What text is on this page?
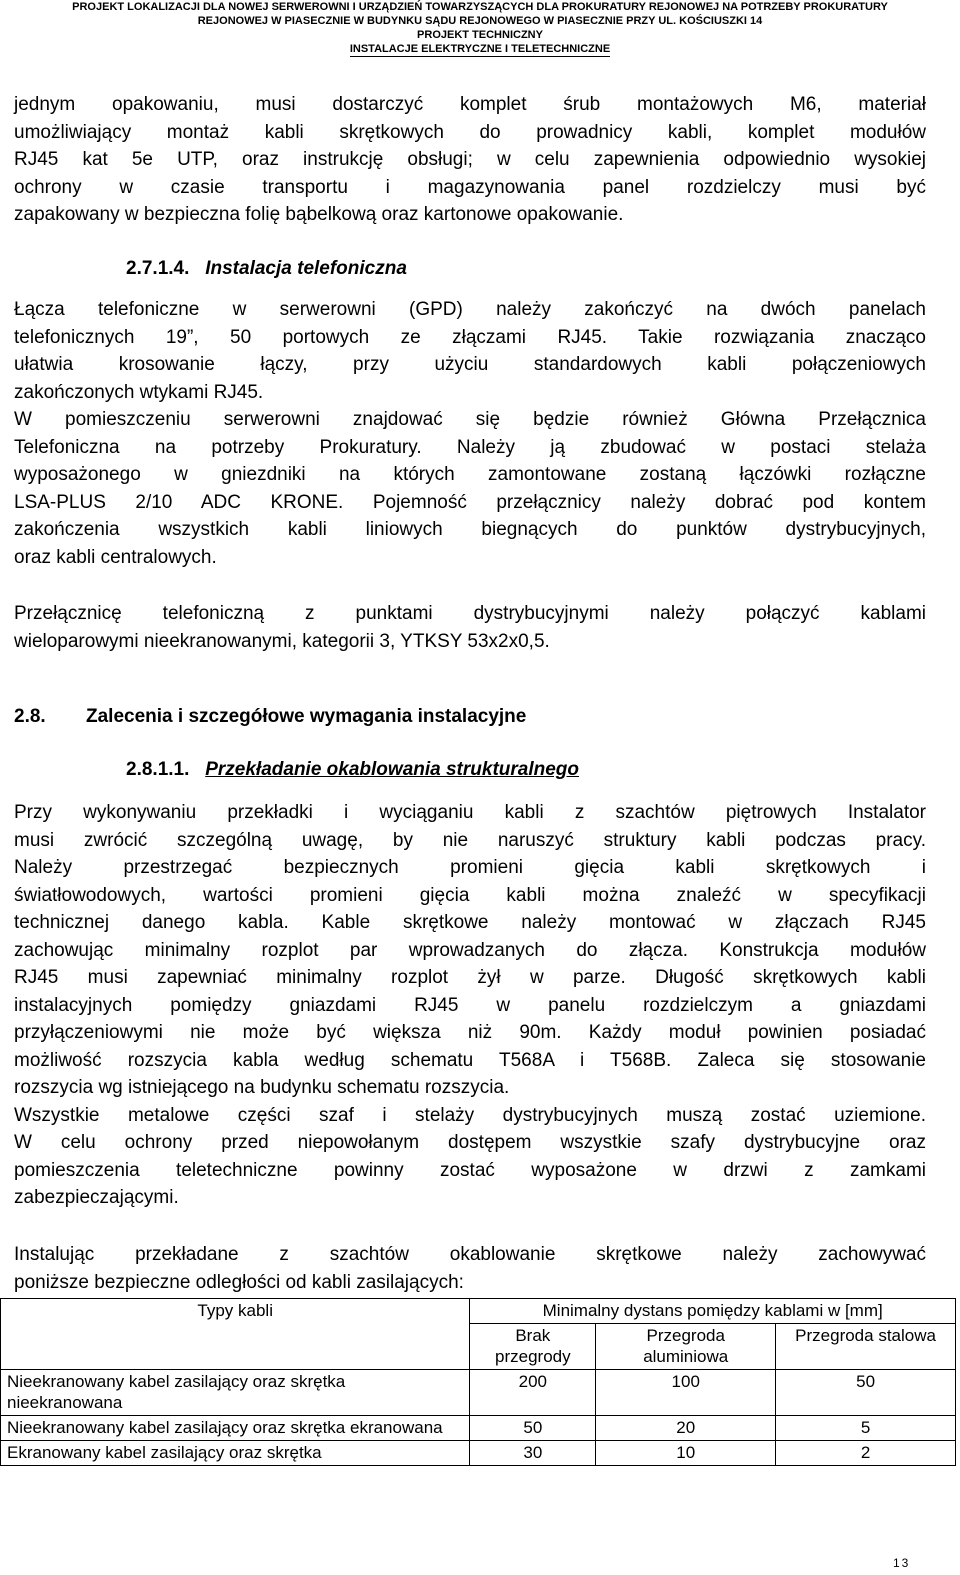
PROJEKT LOKALIZACJI DLA NOWEJ SERWEROWNI I URZĄDZIEŃ TOWARZYSZĄCYCH DLA PROKURATURY REJONOWEJ NA POTRZEBY PROKURATURY
REJONOWEJ W PIASECZNIE W BUDYNKU SĄDU REJONOWEGO W PIASECZNIE PRZY UL. KOŚCIUSZKI 14
PROJEKT TECHNICZNY
INSTALACJE ELEKTRYCZNE I TELETECHNICZNE
jednym opakowaniu, musi dostarczyć komplet śrub montażowych M6, materiał
umożliwiający montaż kabli skrętkowych do prowadnicy kabli, komplet modułów
RJ45 kat 5e UTP, oraz instrukcję obsługi; w celu zapewnienia odpowiednio wysokiej
ochrony w czasie transportu i magazynowania panel rozdzielczy musi być
zapakowany w bezpieczna folię bąbelkową oraz kartonowe opakowanie.
2.7.1.4. Instalacja telefoniczna
Łącza telefoniczne w serwerowni (GPD) należy zakończyć na dwóch panelach
telefonicznych 19”, 50 portowych ze złączami RJ45. Takie rozwiązania znacząco
ułatwia krosowanie łączy, przy użyciu standardowych kabli połączeniowych
zakończonych wtykami RJ45.
W pomieszczeniu serwerowni znajdować się będzie również Główna Przełącznica
Telefoniczna na potrzeby Prokuratury. Należy ją zbudować w postaci stelaża
wyposażonego w gniezdniki na których zamontowane zostaną łączówki rozłączne
LSA-PLUS 2/10 ADC KRONE. Pojemność przełącznicy należy dobrać pod kontem
zakończenia wszystkich kabli liniowych biegnących do punktów dystrybucyjnych,
oraz kabli centralowych.
Przełącznicę telefoniczną z punktami dystrybucyjnymi należy połączyć kablami
wieloparowymi nieekranowanymi, kategorii 3, YTKSY 53x2x0,5.
2.8. Zalecenia i szczegółowe wymagania instalacyjne
2.8.1.1. Przekładanie okablowania strukturalnego
Przy wykonywaniu przekładki i wyciąganiu kabli z szachtów piętrowych Instalator
musi zwrócić szczególną uwagę, by nie naruszyć struktury kabli podczas pracy.
Należy przestrzegać bezpiecznych promieni gięcia kabli skrętkowych i
światłowodowych, wartości promieni gięcia kabli można znaleźć w specyfikacji
technicznej danego kabla. Kable skrętkowe należy montować w złączach RJ45
zachowując minimalny rozplot par wprowadzanych do złącza. Konstrukcja modułów
RJ45 musi zapewniać minimalny rozplot żył w parze. Długość skrętkowych kabli
instalacyjnych pomiędzy gniazdami RJ45 w panelu rozdzielczym a gniazdami
przyłączeniowymi nie może być większa niż 90m. Każdy moduł powinien posiadać
możliwość rozszycia kabla według schematu T568A i T568B. Zaleca się stosowanie
rozszycia wg istniejącego na budynku schematu rozszycia.
Wszystkie metalowe części szaf i stelaży dystrybucyjnych muszą zostać uziemione.
W celu ochrony przed niepowołanym dostępem wszystkie szafy dystrybucyjne oraz
pomieszczenia teletechniczne powinny zostać wyposażone w drzwi z zamkami
zabezpieczającymi.
Instalując przekładane z szachtów okablowanie skrętkowe należy zachowywać
poniższe bezpieczne odległości od kabli zasilających:
Typy kabli	Minimalny dystans pomiędzy kablami w [mm]		
	Brak przegrody	Przegroda aluminiowa	Przegroda stalowa
Nieekranowany kabel zasilający oraz skrętka nieekranowana	200	100	50
Nieekranowany kabel zasilający oraz skrętka ekranowana	50	20	5
Ekranowany kabel zasilający oraz skrętka	30	10	2
13
